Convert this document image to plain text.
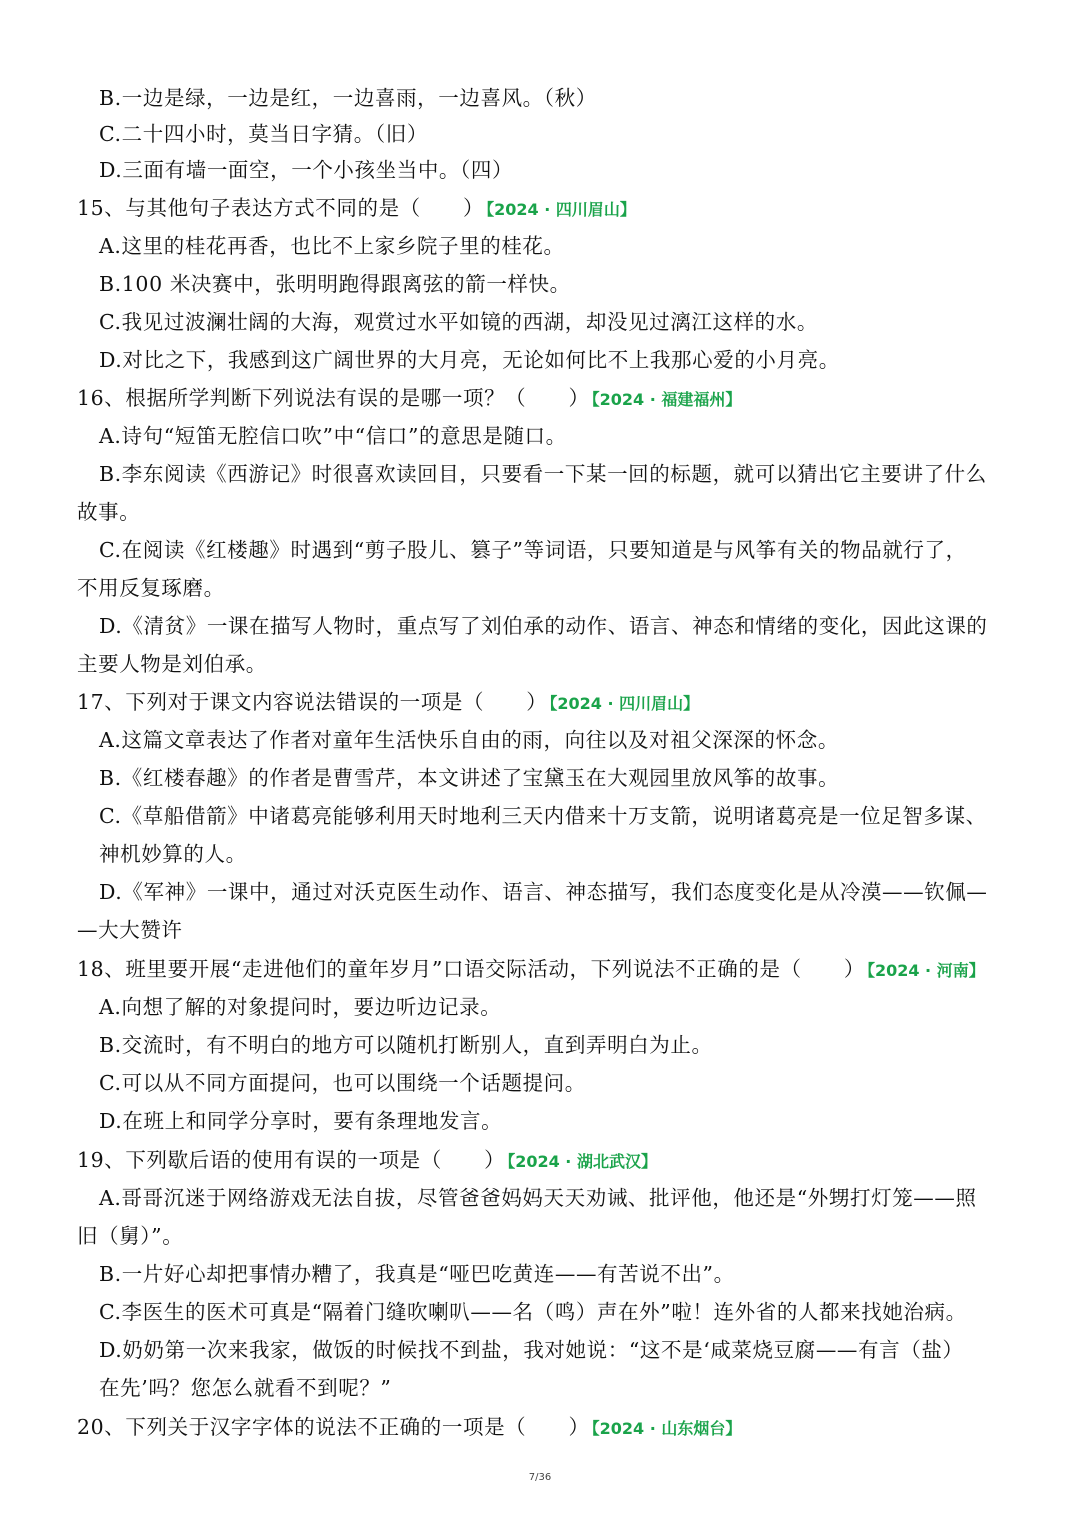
B.一边是绿，一边是红，一边喜雨，一边喜风。（秋）
C.二十四小时，莫当日字猜。（旧）
D.三面有墙一面空，一个小孩坐当中。（四）
15、与其他句子表达方式不同的是（　　） 【2024 · 四川眉山】
A.这里的桂花再香，也比不上家乡院子里的桂花。
B.100 米决赛中，张明明跑得跟离弦的箭一样快。
C.我见过波澜壮阔的大海，观赏过水平如镜的西湖，却没见过漓江这样的水。
D.对比之下，我感到这广阔世界的大月亮，无论如何比不上我那心爱的小月亮。
16、根据所学判断下列说法有误的是哪一项？（　　） 【2024 · 福建福州】
A.诗句“短笛无腔信口吹”中“信口”的意思是随口。
B.李东阅读《西游记》时很喜欢读回目，只要看一下某一回的标题，就可以猜出它主要讲了什么
故事。
C.在阅读《红楼趣》时遇到“剪子股儿、篡子”等词语，只要知道是与风筝有关的物品就行了，
不用反复琢磨。
D.《清贫》一课在描写人物时，重点写了刘伯承的动作、语言、神态和情绪的变化，因此这课的
主要人物是刘伯承。
17、下列对于课文内容说法错误的一项是（　　） 【2024 · 四川眉山】
A.这篇文章表达了作者对童年生活快乐自由的雨，向往以及对祖父深深的怀念。
B.《红楼春趣》的作者是曹雪芹，本文讲述了宝黛玉在大观园里放风筝的故事。
C.《草船借箭》中诸葛亮能够利用天时地利三天内借来十万支箭，说明诸葛亮是一位足智多谋、
神机妙算的人。
D.《军神》一课中，通过对沃克医生动作、语言、神态描写，我们态度变化是从冷漠——钦佩—
—大大赞许
18、班里要开展“走进他们的童年岁月”口语交际活动，下列说法不正确的是（　　） 【2024 · 河南】
A.向想了解的对象提问时，要边听边记录。
B.交流时，有不明白的地方可以随机打断别人，直到弄明白为止。
C.可以从不同方面提问，也可以围绕一个话题提问。
D.在班上和同学分享时，要有条理地发言。
19、下列歇后语的使用有误的一项是（　　） 【2024 · 湖北武汉】
A.哥哥沉迷于网络游戏无法自拔，尽管爸爸妈妈天天劝诫、批评他，他还是“外甥打灯笼——照
旧（舅）”。
B.一片好心却把事情办糟了，我真是“哑巴吃黄连——有苦说不出”。
C.李医生的医术可真是“隔着门缝吹喇叭——名（鸣）声在外”啦！连外省的人都来找她治病。
D.奶奶第一次来我家，做饭的时候找不到盐，我对她说：“这不是‘咸菜烧豆腐——有言（盐）
在先’吗？您怎么就看不到呢？”
20、下列关于汉字字体的说法不正确的一项是（　　） 【2024 · 山东烟台】
7/36
